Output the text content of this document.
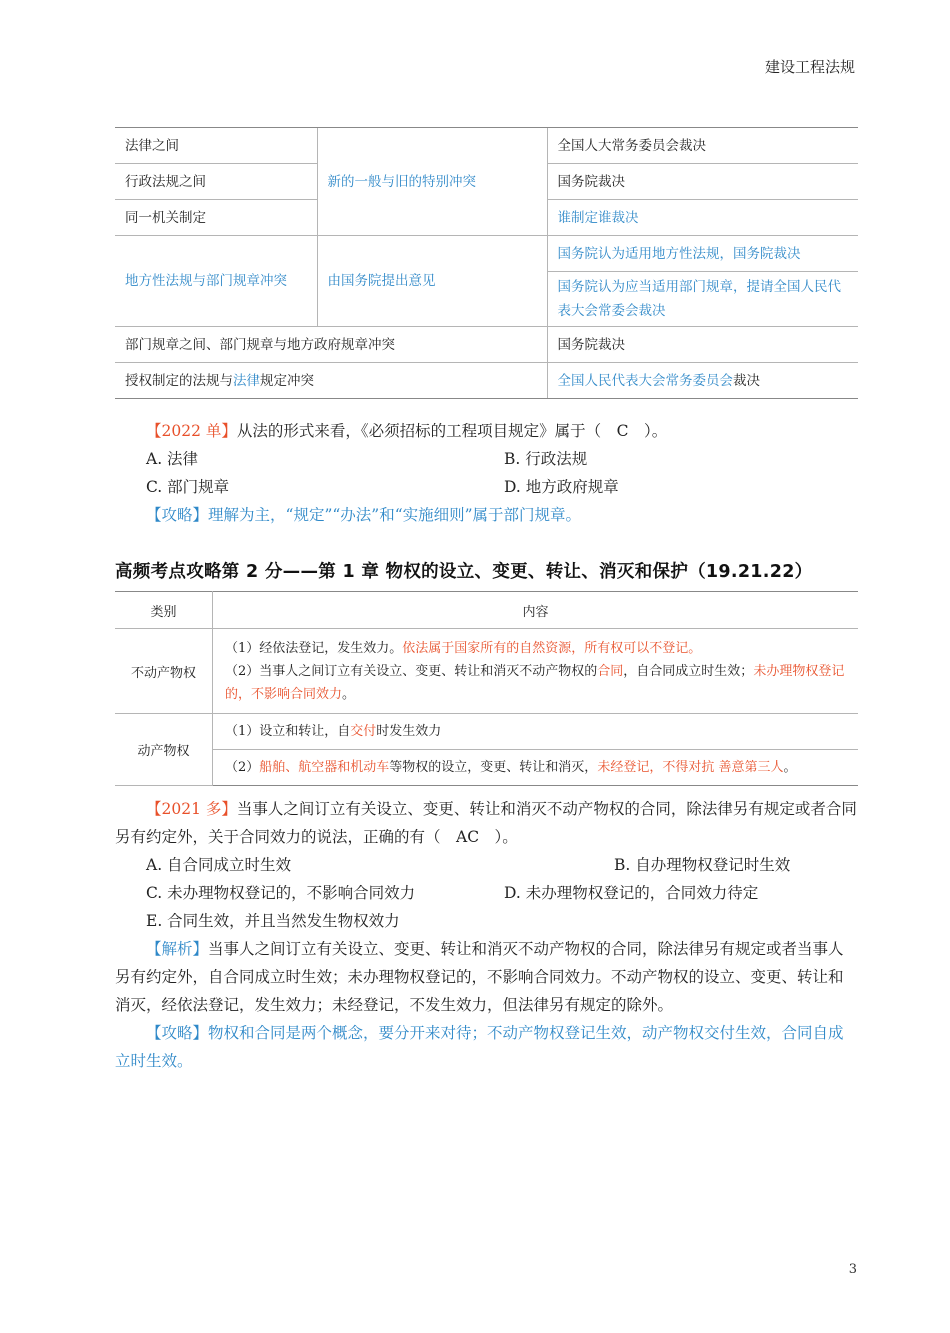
建设工程法规
法律之间	新的一般与旧的特别冲突	全国人大常务委员会裁决
行政法规之间		国务院裁决
同一机关制定		谁制定谁裁决
地方性法规与部门规章冲突	由国务院提出意见	国务院认为适用地方性法规，国务院裁决
		国务院认为应当适用部门规章，提请全国人民代表大会常委会裁决
部门规章之间、部门规章与地方政府规章冲突		国务院裁决
授权制定的法规与法律规定冲突		全国人民代表大会常务委员会裁决

【2022 单】从法的形式来看，《必须招标的工程项目规定》属于（　C　）。

A. 法律	B. 行政法规
C. 部门规章	D. 地方政府规章

【攻略】理解为主，“规定”“办法”和“实施细则”属于部门规章。

高频考点攻略第 2 分——第 1 章 物权的设立、变更、转让、消灭和保护（19.21.22）
类别	内容
不动产物权	（1）经依法登记，发生效力。依法属于国家所有的自然资源，所有权可以不登记。
（2）当事人之间订立有关设立、变更、转让和消灭不动产物权的合同，自合同成立时生效；未办理物权登记的，不影响合同效力。

动产物权	（1）设立和转让，自交付时发生效力
	（2）船舶、航空器和机动车等物权的设立，变更、转让和消灭，未经登记，不得对抗 善意第三人。

【2021 多】当事人之间订立有关设立、变更、转让和消灭不动产物权的合同，除法律另有规定或者合同另有约定外，关于合同效力的说法，正确的有（　AC　）。

A. 自合同成立时生效	B. 自办理物权登记时生效
C. 未办理物权登记的，不影响合同效力	D. 未办理物权登记的，合同效力待定
E. 合同生效，并且当然发生物权效力

【解析】当事人之间订立有关设立、变更、转让和消灭不动产物权的合同，除法律另有规定或者当事人另有约定外，自合同成立时生效；未办理物权登记的，不影响合同效力。不动产物权的设立、变更、转让和消灭，经依法登记，发生效力；未经登记，不发生效力，但法律另有规定的除外。

【攻略】物权和合同是两个概念，要分开来对待；不动产物权登记生效，动产物权交付生效，合同自成立时生效。

3
